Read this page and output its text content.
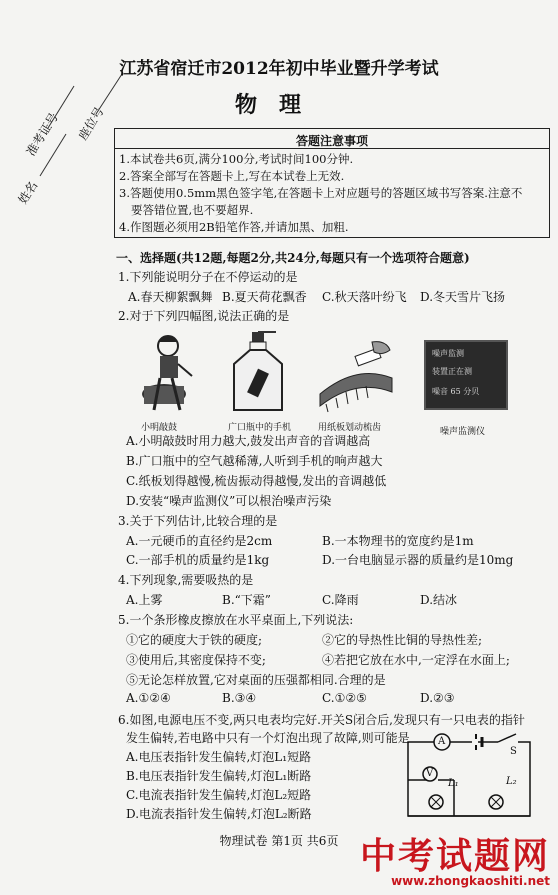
准考证号 座位号
姓名
江苏省宿迁市2012年初中毕业暨升学考试
物理
答题注意事项
1.本试卷共6页,满分100分,考试时间100分钟.
2.答案全部写在答题卡上,写在本试卷上无效.
3.答题使用0.5mm黑色签字笔,在答题卡上对应题号的答题区域书写答案.注意不
要答错位置,也不要超界.
4.作图题必须用2B铅笔作答,并请加黑、加粗.
一、选择题(共12题,每题2分,共24分,每题只有一个选项符合题意)
1.下列能说明分子在不停运动的是
A.春天柳絮飘舞 B.夏天荷花飘香 C.秋天落叶纷飞 D.冬天雪片飞扬
2.对于下列四幅图,说法正确的是
小明敲鼓	广口瓶中的手机	用纸板划动梳齿
噪声监测
装置正在测
噪音 65 分贝
噪声监测仪
A.小明敲鼓时用力越大,鼓发出声音的音调越高
B.广口瓶中的空气越稀薄,人听到手机的响声越大
C.纸板划得越慢,梳齿振动得越慢,发出的音调越低
D.安装“噪声监测仪”可以根治噪声污染
3.关于下列估计,比较合理的是
A.一元硬币的直径约是2cm	B.一本物理书的宽度约是1m
C.一部手机的质量约是1kg	D.一台电脑显示器的质量约是10mg
4.下列现象,需要吸热的是
A.上雾	B.“下霜”	C.降雨	D.结冰
5.一个条形橡皮擦放在水平桌面上,下列说法:
①它的硬度大于铁的硬度;	②它的导热性比铜的导热性差;
③使用后,其密度保持不变;	④若把它放在水中,一定浮在水面上;
⑤无论怎样放置,它对桌面的压强都相同.合理的是
A.①②④	B.③④	C.①②⑤	D.②③
6.如图,电源电压不变,两只电表均完好.开关S闭合后,发现只有一只电表的指针
发生偏转,若电路中只有一个灯泡出现了故障,则可能是
A.电压表指针发生偏转,灯泡L₁短路
B.电压表指针发生偏转,灯泡L₁断路
C.电流表指针发生偏转,灯泡L₂短路
D.电流表指针发生偏转,灯泡L₂断路
A
V
S
L₁	L₂
物理试卷 第1页 共6页 中考试题网
www.zhongkaoshiti.net
